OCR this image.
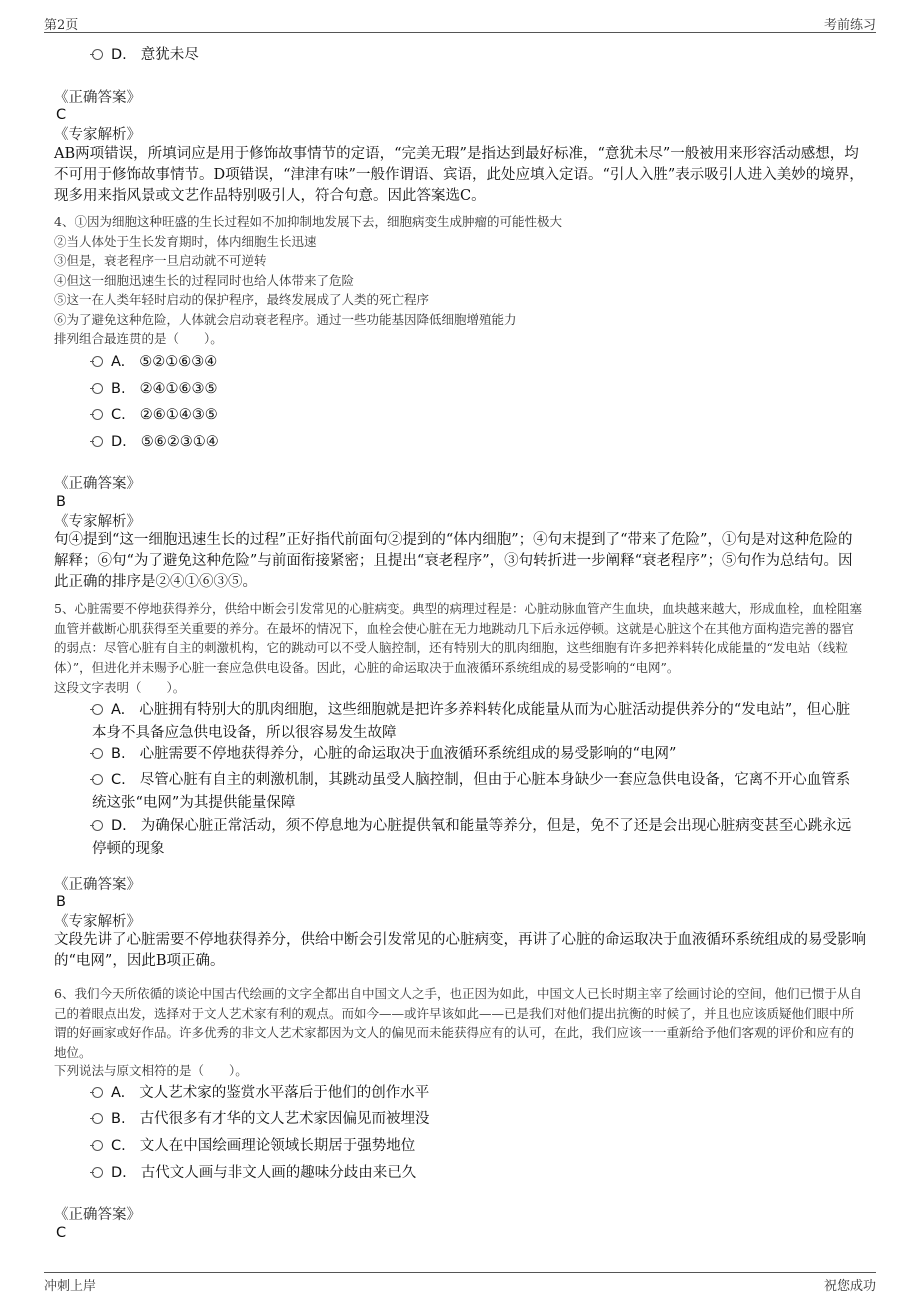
第2页	考前练习
D. 意犹未尽
《正确答案》
C
《专家解析》
AB两项错误，所填词应是用于修饰故事情节的定语，“完美无瑕”是指达到最好标准，“意犹未尽”一般被用来形容活动感想，均不可用于修饰故事情节。D项错误，“津津有味”一般作谓语、宾语，此处应填入定语。“引人入胜”表示吸引人进入美妙的境界，现多用来指风景或文艺作品特别吸引人，符合句意。因此答案选C。
4、①因为细胞这种旺盛的生长过程如不加抑制地发展下去，细胞病变生成肿瘤的可能性极大
②当人体处于生长发育期时，体内细胞生长迅速
③但是，衰老程序一旦启动就不可逆转
④但这一细胞迅速生长的过程同时也给人体带来了危险
⑤这一在人类年轻时启动的保护程序，最终发展成了人类的死亡程序
⑥为了避免这种危险，人体就会启动衰老程序。通过一些功能基因降低细胞增殖能力
排列组合最连贯的是（　　）。
A. ⑤②①⑥③④
B. ②④①⑥③⑤
C. ②⑥①④③⑤
D. ⑤⑥②③①④
《正确答案》
B
《专家解析》
句④提到“这一细胞迅速生长的过程”正好指代前面句②提到的“体内细胞”；④句末提到了“带来了危险”，①句是对这种危险的解释；⑥句“为了避免这种危险”与前面衔接紧密；且提出“衰老程序”，③句转折进一步阐释“衰老程序”；⑤句作为总结句。因此正确的排序是②④①⑥③⑤。
5、心脏需要不停地获得养分，供给中断会引发常见的心脏病变。典型的病理过程是：心脏动脉血管产生血块，血块越来越大，形成血栓，血栓阻塞血管并截断心肌获得至关重要的养分。在最坏的情况下，血栓会使心脏在无力地跳动几下后永远停顿。这就是心脏这个在其他方面构造完善的器官的弱点：尽管心脏有自主的刺激机构，它的跳动可以不受人脑控制，还有特别大的肌肉细胞，这些细胞有许多把养料转化成能量的“发电站（线粒体）”，但进化并未赐予心脏一套应急供电设备。因此，心脏的命运取决于血液循环系统组成的易受影响的“电网”。
这段文字表明（　　）。
A. 心脏拥有特别大的肌肉细胞，这些细胞就是把许多养料转化成能量从而为心脏活动提供养分的“发电站”，但心脏本身不具备应急供电设备，所以很容易发生故障
B. 心脏需要不停地获得养分，心脏的命运取决于血液循环系统组成的易受影响的“电网”
C. 尽管心脏有自主的刺激机制，其跳动虽受人脑控制，但由于心脏本身缺少一套应急供电设备，它离不开心血管系统这张“电网”为其提供能量保障
D. 为确保心脏正常活动，须不停息地为心脏提供氧和能量等养分，但是，免不了还是会出现心脏病变甚至心跳永远停顿的现象
《正确答案》
B
《专家解析》
文段先讲了心脏需要不停地获得养分，供给中断会引发常见的心脏病变，再讲了心脏的命运取决于血液循环系统组成的易受影响的“电网”，因此B项正确。
6、我们今天所依循的谈论中国古代绘画的文字全都出自中国文人之手，也正因为如此，中国文人已长时期主宰了绘画讨论的空间，他们已惯于从自己的着眼点出发，选择对于文人艺术家有利的观点。而如今——或许早该如此——已是我们对他们提出抗衡的时候了，并且也应该质疑他们眼中所谓的好画家或好作品。许多优秀的非文人艺术家都因为文人的偏见而未能获得应有的认可，在此，我们应该一一重新给予他们客观的评价和应有的地位。
下列说法与原文相符的是（　　）。
A. 文人艺术家的鉴赏水平落后于他们的创作水平
B. 古代很多有才华的文人艺术家因偏见而被埋没
C. 文人在中国绘画理论领域长期居于强势地位
D. 古代文人画与非文人画的趣味分歧由来已久
《正确答案》
C
冲刺上岸	祝您成功
